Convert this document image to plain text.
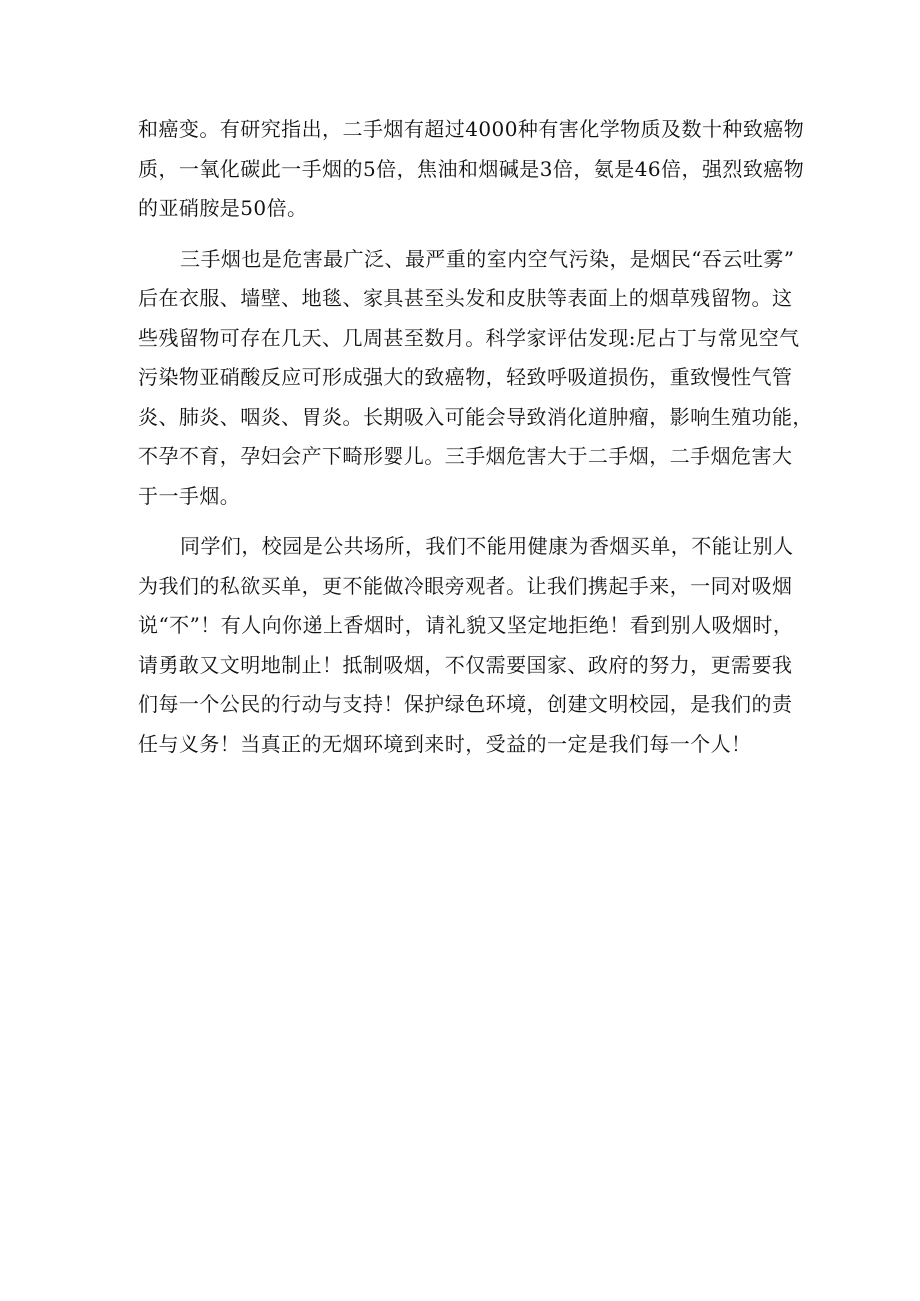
和癌变。有研究指出，二手烟有超过4000种有害化学物质及数十种致癌物
质，一氧化碳此一手烟的5倍，焦油和烟碱是3倍，氨是46倍，强烈致癌物
的亚硝胺是50倍。

三手烟也是危害最广泛、最严重的室内空气污染，是烟民“吞云吐雾”
后在衣服、墙壁、地毯、家具甚至头发和皮肤等表面上的烟草残留物。这
些残留物可存在几天、几周甚至数月。科学家评估发现:尼占丁与常见空气
污染物亚硝酸反应可形成强大的致癌物，轻致呼吸道损伤，重致慢性气管
炎、肺炎、咽炎、胃炎。长期吸入可能会导致消化道肿瘤，影响生殖功能，
不孕不育，孕妇会产下畸形婴儿。三手烟危害大于二手烟，二手烟危害大
于一手烟。

同学们，校园是公共场所，我们不能用健康为香烟买单，不能让别人
为我们的私欲买单，更不能做冷眼旁观者。让我们携起手来，一同对吸烟
说“不”！有人向你递上香烟时，请礼貌又坚定地拒绝！看到别人吸烟时，
请勇敢又文明地制止！抵制吸烟，不仅需要国家、政府的努力，更需要我
们每一个公民的行动与支持！保护绿色环境，创建文明校园，是我们的责
任与义务！当真正的无烟环境到来时，受益的一定是我们每一个人！
